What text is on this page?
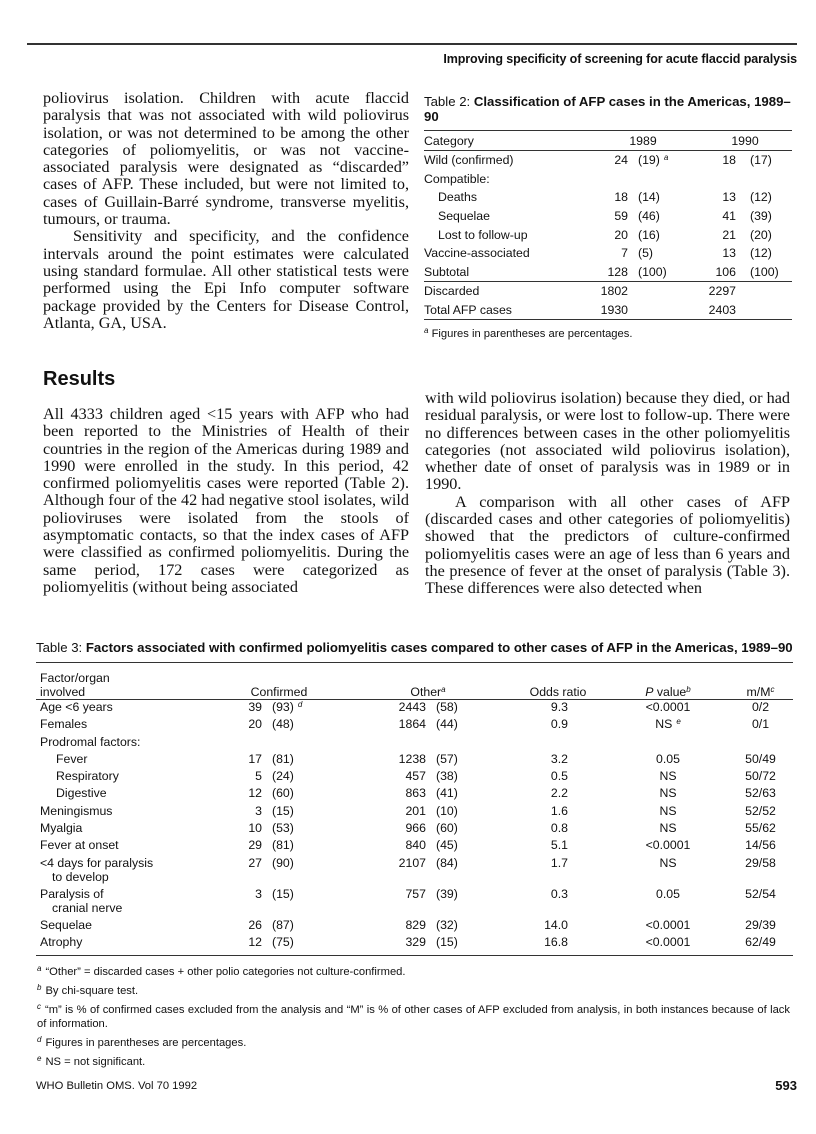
Improving specificity of screening for acute flaccid paralysis

poliovirus isolation. Children with acute flaccid paralysis that was not associated with wild poliovirus isolation, or was not determined to be among the other categories of poliomyelitis, or was not vaccine-associated paralysis were designated as “discarded” cases of AFP. These included, but were not limited to, cases of Guillain-Barré syndrome, transverse myelitis, tumours, or trauma.

Sensitivity and specificity, and the confidence intervals around the point estimates were calculated using standard formulae. All other statistical tests were performed using the Epi Info computer software package provided by the Centers for Disease Control, Atlanta, GA, USA.

Table 2: Classification of AFP cases in the Americas, 1989–90
Category	1989		1990	
Wild (confirmed)	24	(19) $^a$	18	(17)
Compatible:				
Deaths	18	(14)	13	(12)
Sequelae	59	(46)	41	(39)
Lost to follow-up	20	(16)	21	(20)
Vaccine-associated	7	(5)	13	(12)
Subtotal	128	(100)	106	(100)
Discarded	1802		2297	
Total AFP cases	1930		2403	
$^a$ Figures in parentheses are percentages.
Results

All 4333 children aged <15 years with AFP who had been reported to the Ministries of Health of their countries in the region of the Americas during 1989 and 1990 were enrolled in the study. In this period, 42 confirmed poliomyelitis cases were reported (Table 2). Although four of the 42 had negative stool isolates, wild polioviruses were isolated from the stools of asymptomatic contacts, so that the index cases of AFP were classified as confirmed poliomyelitis. During the same period, 172 cases were categorized as poliomyelitis (without being associated

with wild poliovirus isolation) because they died, or had residual paralysis, or were lost to follow-up. There were no differences between cases in the other poliomyelitis categories (not associated wild poliovirus isolation), whether date of onset of paralysis was in 1989 or in 1990.

A comparison with all other cases of AFP (discarded cases and other categories of poliomyelitis) showed that the predictors of culture-confirmed poliomyelitis cases were an age of less than 6 years and the presence of fever at the onset of paralysis (Table 3). These differences were also detected when

Table 3: Factors associated with confirmed poliomyelitis cases compared to other cases of AFP in the Americas, 1989–90
Factor/organ
involved	Confirmed		Other$^a$		Odds ratio	P value$^b$	$m/M^c$
Age <6 years	39	(93) $^d$	2443	(58)	9.3	<0.0001	0/2
Females	20	(48)	1864	(44)	0.9	NS $^e$	0/1
Prodromal factors:							
Fever	17	(81)	1238	(57)	3.2	0.05	50/49
Respiratory	5	(24)	457	(38)	0.5	NS	50/72
Digestive	12	(60)	863	(41)	2.2	NS	52/63
Meningismus	3	(15)	201	(10)	1.6	NS	52/52
Myalgia	10	(53)	966	(60)	0.8	NS	55/62
Fever at onset	29	(81)	840	(45)	5.1	<0.0001	14/56
<4 days for paralysis
to develop	27	(90)	2107	(84)	1.7	NS	29/58
Paralysis of
cranial nerve	3	(15)	757	(39)	0.3	0.05	52/54
Sequelae	26	(87)	829	(32)	14.0	<0.0001	29/39
Atrophy	12	(75)	329	(15)	16.8	<0.0001	62/49
$^a$ “Other” = discarded cases + other polio categories not culture-confirmed.
$^b$ By chi-square test.
$^c$ “m” is % of confirmed cases excluded from the analysis and “M” is % of other cases of AFP excluded from analysis, in both instances because of lack of information.
$^d$ Figures in parentheses are percentages.
$^e$ NS = not significant.
WHO Bulletin OMS. Vol 70 1992	593
